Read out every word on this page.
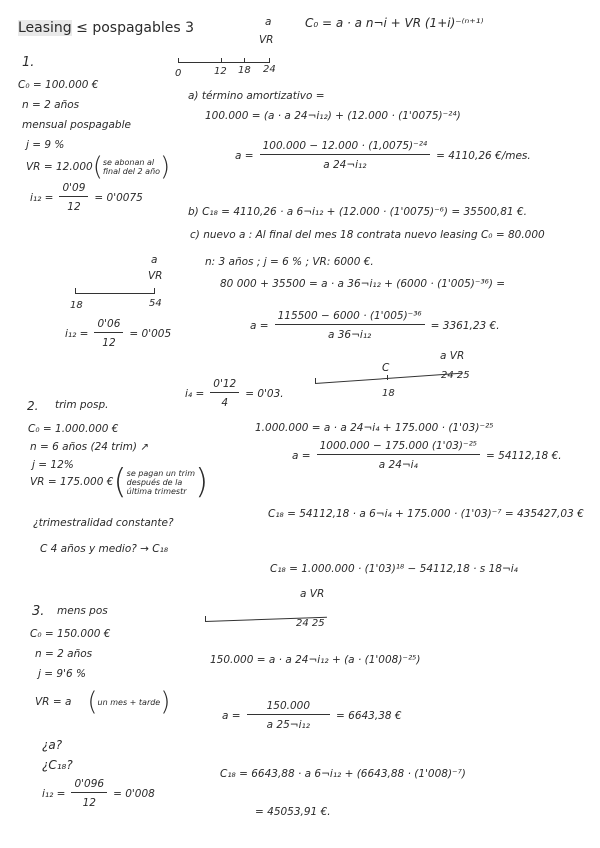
Leasing ≤ pospagables 3	a
VR
C₀ = a · a n¬i + VR (1+i)⁻⁽ⁿ⁺¹⁾
0	12 18 24
1.
C₀ = 100.000 €
n = 2 años
mensual pospagable
j = 9 %
VR = 12.000 ( se abonan al
final del 2 año )
$i_{12} = \frac{0'09}{12} = 0'0075$
a) término amortizativo =
100.000 = (a · a 24¬i₁₂) + (12.000 · (1'0075)⁻²⁴)
$a = \frac{\text{100.000 − 12.000 · (1,0075)⁻²⁴}}{\text{a 24¬i₁₂}} = 4110,26$ €/mes.
b) C₁₈ = 4110,26 · a 6¬i₁₂ + (12.000 · (1'0075)⁻⁶) = 35500,81 €.
c) nuevo a : Al final del mes 18 contrata nuevo leasing C₀ = 80.000
n: 3 años ; j = 6 % ; VR: 6000 €.
80 000 + 35500 = a · a 36¬i₁₂ + (6000 · (1'005)⁻³⁶) =
$a = \frac{\text{115500 − 6000 · (1'005)⁻³⁶}}{\text{a 36¬i₁₂}} = 3361,23$ €.
a
VR
18	54
$i_{12} = \frac{0'06}{12} = 0'005$
C
a VR
18
24 25
2. trim posp.
$i_4 = \frac{0'12}{4} = 0'03$.
C₀ = 1.000.000 €
n = 6 años (24 trim) ↗
j = 12%
VR = 175.000 € ( se pagan un trim
después de la
última trimestr )
1.000.000 = a · a 24¬i₄ + 175.000 · (1'03)⁻²⁵
$a = \frac{\text{1000.000 − 175.000 (1'03)⁻²⁵}}{\text{a 24¬i₄}} = 54112,18$ €.
¿trimestralidad constante?
C 4 años y medio? → C₁₈
C₁₈ = 54112,18 · a 6¬i₄ + 175.000 · (1'03)⁻⁷ = 435427,03 €
C₁₈ = 1.000.000 · (1'03)¹⁸ − 54112,18 · s 18¬i₄
a VR
24 25
3. mens pos
C₀ = 150.000 €
n = 2 años
j = 9'6 %
VR = a ( un mes + tarde )
150.000 = a · a 24¬i₁₂ + (a · (1'008)⁻²⁵)
$a = \frac{150.000}{\text{a 25¬i₁₂}} = 6643,38$ €
¿a?
¿C₁₈?
$i_{12} = \frac{0'096}{12} = 0'008$
C₁₈ = 6643,88 · a 6¬i₁₂ + (6643,88 · (1'008)⁻⁷)
= 45053,91 €.
